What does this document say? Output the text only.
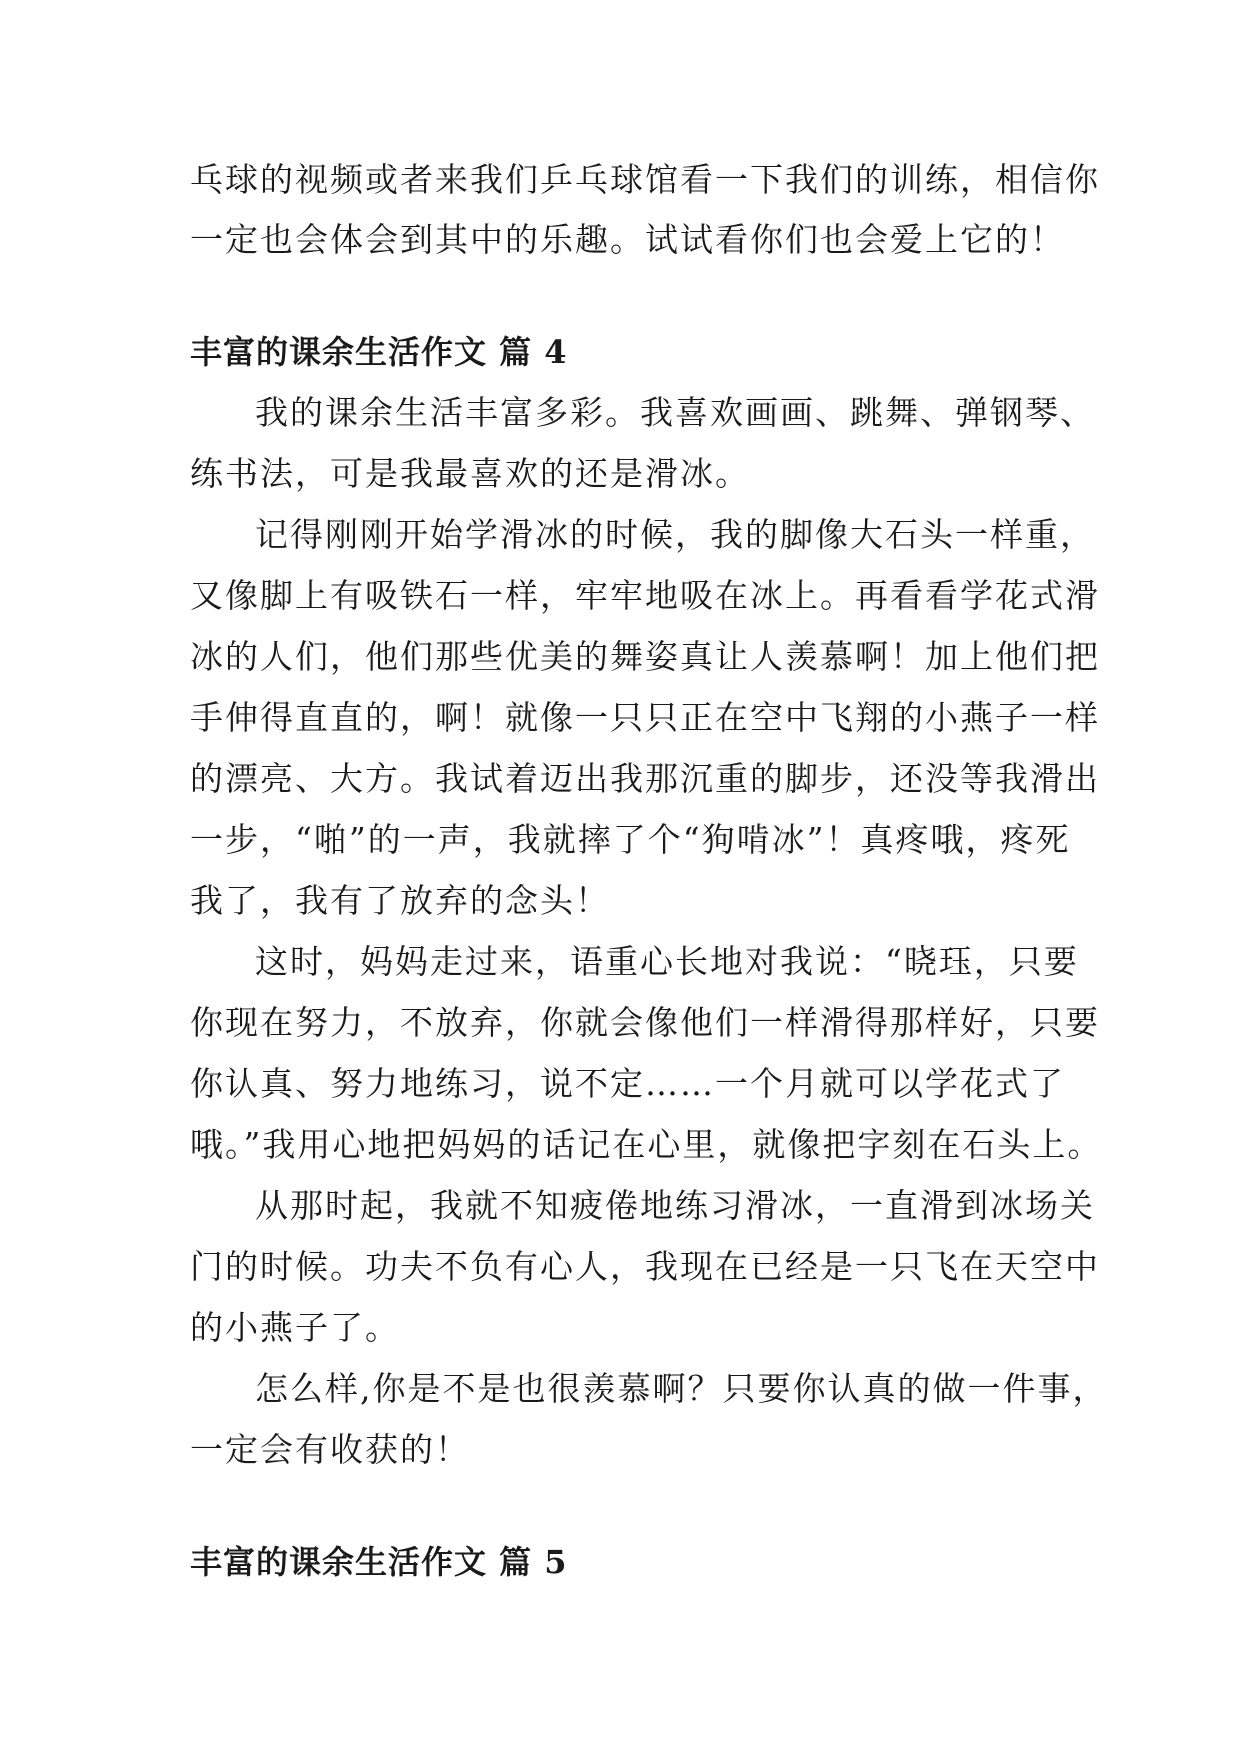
乓球的视频或者来我们乒乓球馆看一下我们的训练，相信你

一定也会体会到其中的乐趣。试试看你们也会爱上它的！

丰富的课余生活作文 篇 4

我的课余生活丰富多彩。我喜欢画画、跳舞、弹钢琴、

练书法，可是我最喜欢的还是滑冰。

记得刚刚开始学滑冰的时候，我的脚像大石头一样重，

又像脚上有吸铁石一样，牢牢地吸在冰上。再看看学花式滑

冰的人们，他们那些优美的舞姿真让人羡慕啊！加上他们把

手伸得直直的，啊！就像一只只正在空中飞翔的小燕子一样

的漂亮、大方。我试着迈出我那沉重的脚步，还没等我滑出

一步，“啪”的一声，我就摔了个“狗啃冰”！真疼哦，疼死

我了，我有了放弃的念头！

这时，妈妈走过来，语重心长地对我说：“晓珏，只要

你现在努力，不放弃，你就会像他们一样滑得那样好，只要

你认真、努力地练习，说不定……一个月就可以学花式了

哦。”我用心地把妈妈的话记在心里，就像把字刻在石头上。

从那时起，我就不知疲倦地练习滑冰，一直滑到冰场关

门的时候。功夫不负有心人，我现在已经是一只飞在天空中

的小燕子了。

怎么样,你是不是也很羡慕啊？只要你认真的做一件事，

一定会有收获的！

丰富的课余生活作文 篇 5
